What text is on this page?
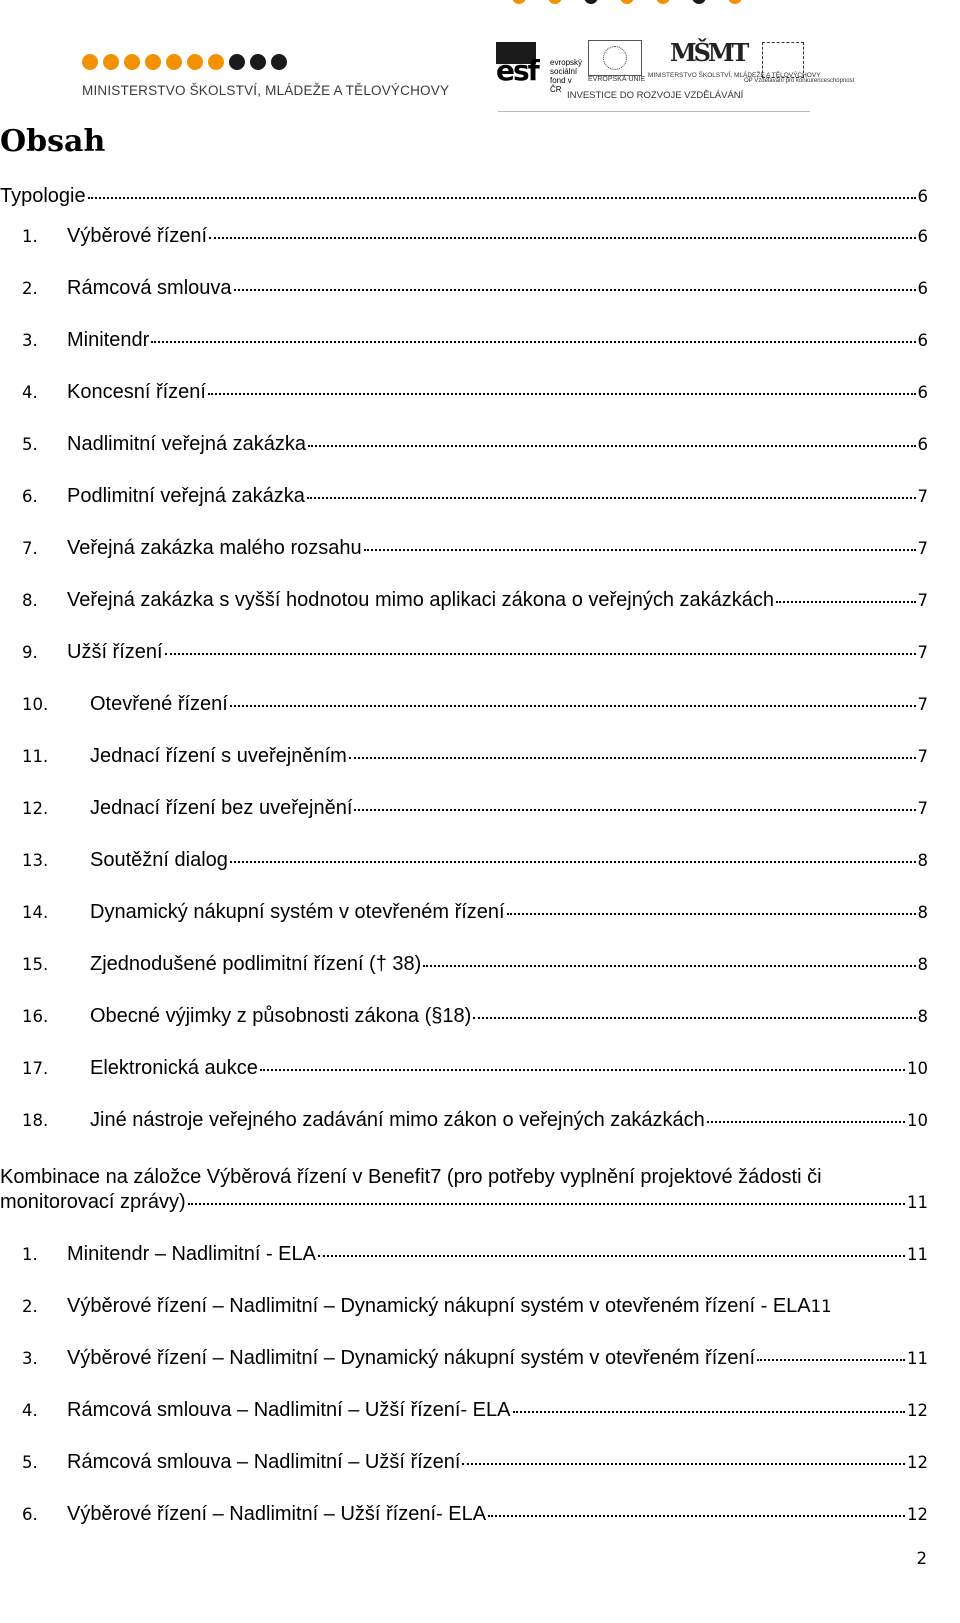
MINISTERSTVO ŠKOLSTVÍ, MLÁDEŽE A TĚLOVÝCHOVY
esf evropský sociální fond v ČR
EVROPSKÁ UNIE
MŠMT
MINISTERSTVO ŠKOLSTVÍ, MLÁDEŽE A TĚLOVÝCHOVY
OP Vzdělávání pro konkurenceschopnost
INVESTICE DO ROZVOJE VZDĚLÁVÁNÍ
Obsah
Typologie	6
1.	Výběrové řízení	6
2.	Rámcová smlouva	6
3.	Minitendr	6
4.	Koncesní řízení	6
5.	Nadlimitní veřejná zakázka	6
6.	Podlimitní veřejná zakázka	7
7.	Veřejná zakázka malého rozsahu	7
8.	Veřejná zakázka s vyšší hodnotou mimo aplikaci zákona o veřejných zakázkách	7
9.	Užší řízení	7
10.	Otevřené řízení	7
11.	Jednací řízení s uveřejněním	7
12.	Jednací řízení bez uveřejnění	7
13.	Soutěžní dialog	8
14.	Dynamický nákupní systém v otevřeném řízení	8
15.	Zjednodušené podlimitní řízení († 38)	8
16.	Obecné výjimky z působnosti zákona (§18)	8
17.	Elektronická aukce	10
18.	Jiné nástroje veřejného zadávání mimo zákon o veřejných zakázkách	10
Kombinace na záložce Výběrová řízení v Benefit7 (pro potřeby vyplnění projektové žádosti či
monitorovací zprávy)	11
1.	Minitendr – Nadlimitní - ELA	11
2.	Výběrové řízení – Nadlimitní – Dynamický nákupní systém v otevřeném řízení - ELA 11
3.	Výběrové řízení – Nadlimitní – Dynamický nákupní systém v otevřeném řízení	11
4.	Rámcová smlouva – Nadlimitní – Užší řízení- ELA	12
5.	Rámcová smlouva – Nadlimitní – Užší řízení	12
6.	Výběrové řízení – Nadlimitní – Užší řízení- ELA	12
2
